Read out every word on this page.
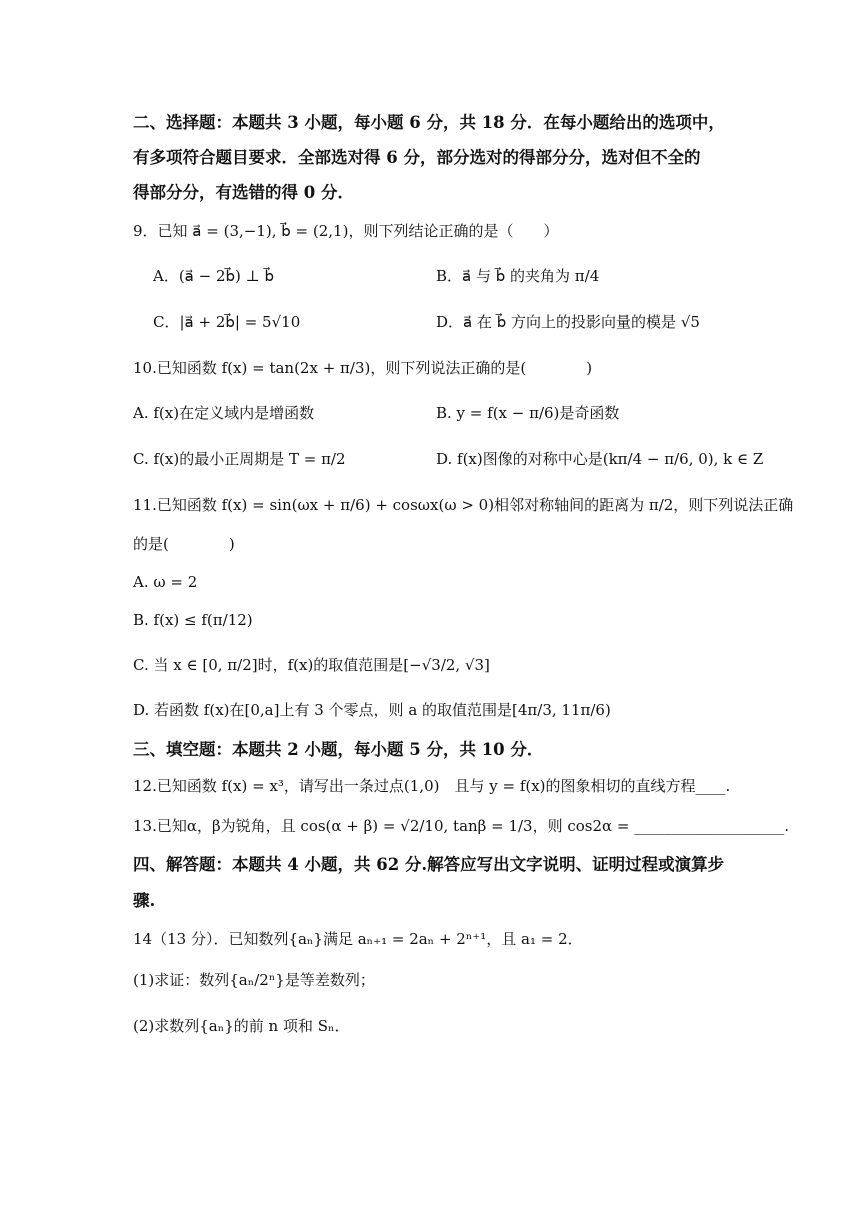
二、选择题：本题共 3 小题，每小题 6 分，共 18 分．在每小题给出的选项中，
有多项符合题目要求．全部选对得 6 分，部分选对的得部分分，选对但不全的
得部分分，有选错的得 0 分．
9．已知 a⃗ = (3,−1), b⃗ = (2,1)，则下列结论正确的是（　　）
A．(a⃗ − 2b⃗) ⊥ b⃗	B．a⃗ 与 b⃗ 的夹角为 π/4
C．|a⃗ + 2b⃗| = 5√10	D．a⃗ 在 b⃗ 方向上的投影向量的模是 √5
10.已知函数 f(x) = tan(2x + π/3)，则下列说法正确的是(　　　　)
A. f(x)在定义域内是增函数	B. y = f(x − π/6)是奇函数
C. f(x)的最小正周期是 T = π/2	D. f(x)图像的对称中心是(kπ/4 − π/6, 0), k ∈ Z
11.已知函数 f(x) = sin(ωx + π/6) + cosωx(ω > 0)相邻对称轴间的距离为 π/2，则下列说法正确
的是(　　　　)
A. ω = 2
B. f(x) ≤ f(π/12)
C. 当 x ∈ [0, π/2]时，f(x)的取值范围是[−√3/2, √3]
D. 若函数 f(x)在[0,a]上有 3 个零点，则 a 的取值范围是[4π/3, 11π/6)
三、填空题：本题共 2 小题，每小题 5 分，共 10 分．
12.已知函数 f(x) = x³，请写出一条过点(1,0)　且与 y = f(x)的图象相切的直线方程____.
13.已知α，β为锐角，且 cos(α + β) = √2/10, tanβ = 1/3，则 cos2α = ____________________.
四、解答题：本题共 4 小题，共 62 分.解答应写出文字说明、证明过程或演算步
骤.
14（13 分）．已知数列{aₙ}满足 aₙ₊₁ = 2aₙ + 2ⁿ⁺¹，且 a₁ = 2．
(1)求证：数列{aₙ/2ⁿ}是等差数列；
(2)求数列{aₙ}的前 n 项和 Sₙ．
